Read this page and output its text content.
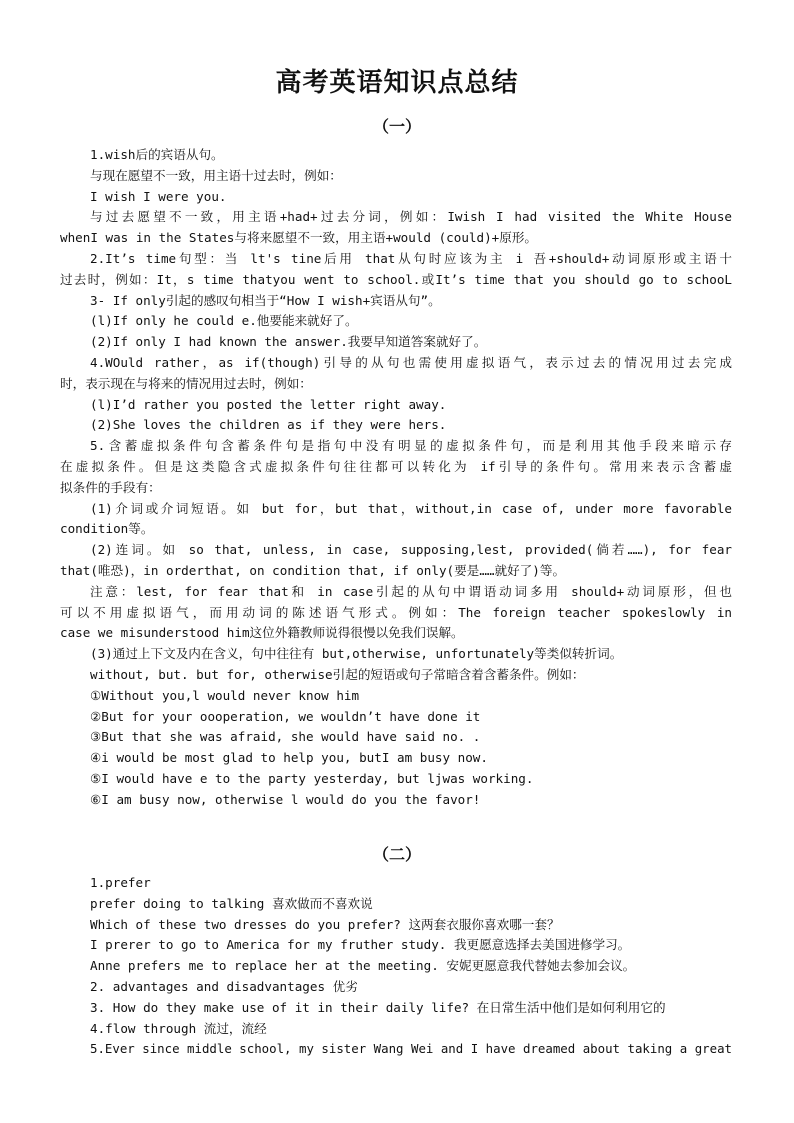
高考英语知识点总结
（一）
1.wish后的宾语从句。
与现在愿望不一致，用主语十过去时，例如：
I wish I were you.
与过去愿望不一致，用主语+had+过去分词，例如：Iwish I had visited the White House
whenI was in the States与将来愿望不一致，用主语+would (could)+原形。
2.It’s time句型：当 lt's tine后用 that从句时应该为主 i 吾+should+动词原形或主语十
过去时，例如：It，s time thatyou went to school.或It’s time that you should go to schooL
3- If only引起的感叹句相当于“How I wish+宾语从句”。
(l)If only he could e.他要能来就好了。
(2)If only I had known the answer.我要早知道答案就好了。
4.WOuld rather，as if(though)引导的从句也需使用虚拟语气，表示过去的情况用过去完成
时，表示现在与将来的情况用过去时，例如：
(l)I’d rather you posted the letter right away.
(2)She loves the children as if they were hers.
5.含蓄虚拟条件句含蓄条件句是指句中没有明显的虚拟条件句，而是利用其他手段来暗示存
在虚拟条件。但是这类隐含式虚拟条件句往往都可以转化为 if引导的条件句。常用来表示含蓄虚
拟条件的手段有：
(1)介词或介词短语。如 but for，but that，without,in case of, under more favorable
condition等。
(2)连词。如 so that, unless, in case, supposing,lest, provided(倘若……), for fear
that(唯恐)，in orderthat, on condition that, if only(要是……就好了)等。
注意：lest, for fear that和 in case引起的从句中谓语动词多用 should+动词原形，但也
可以不用虚拟语气，而用动词的陈述语气形式。例如：The foreign teacher spokeslowly in
case we misunderstood him这位外籍教师说得很慢以免我们误解。
(3)通过上下文及内在含义，句中往往有 but,otherwise, unfortunately等类似转折词。
without, but. but for, otherwise引起的短语或句子常暗含着含蓄条件。例如：
①Without you,l would never know him
②But for your oooperation, we wouldn’t have done it
③But that she was afraid, she would have said no. .
④i would be most glad to help you, butI am busy now.
⑤I would have e to the party yesterday, but ljwas working.
⑥I am busy now, otherwise l would do you the favor!
（二）
1.prefer
prefer doing to talking 喜欢做而不喜欢说
Which of these two dresses do you prefer? 这两套衣服你喜欢哪一套？
I prerer to go to America for my fruther study. 我更愿意选择去美国进修学习。
Anne prefers me to replace her at the meeting. 安妮更愿意我代替她去参加会议。
2. advantages and disadvantages 优劣
3. How do they make use of it in their daily life? 在日常生活中他们是如何利用它的
4.flow through 流过，流经
5.Ever since middle school, my sister Wang Wei and I have dreamed about taking a great
